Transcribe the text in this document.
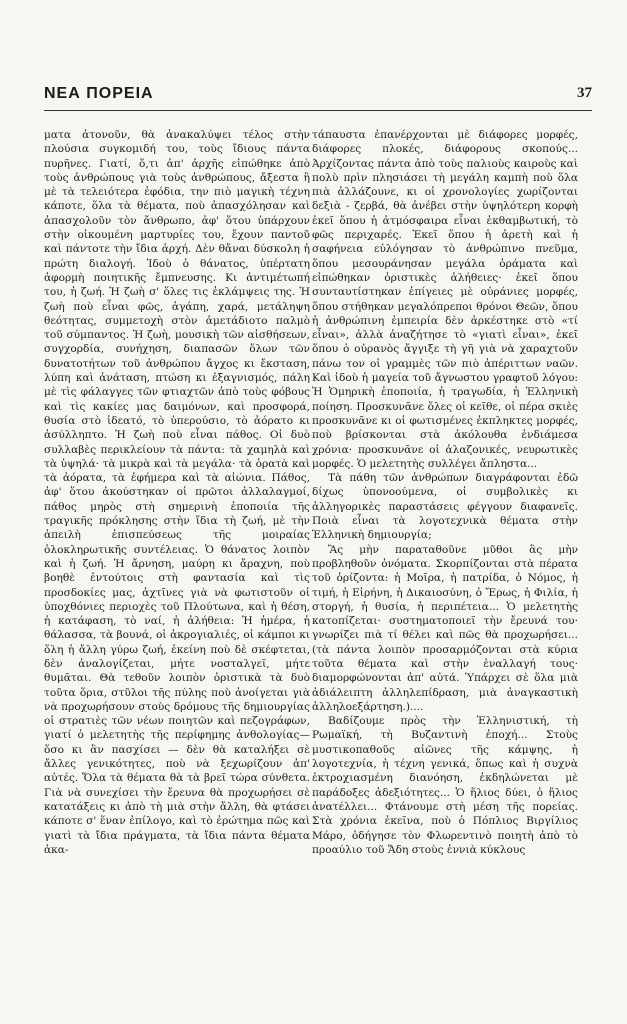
ΝΕΑ ΠΟΡΕΙΑ	37

ματα ἀτονοῦν, θὰ ἀνακαλύψει τέλος στὴν πλούσια συγκομιδή του, τοὺς ἴδιους πάντα πυρῆνες. Γιατί, ὅ,τι ἀπ' ἀρχῆς εἰπώθηκε ἀπὸ τοὺς ἀνθρώπους γιὰ τοὺς ἀνθρώπους, ἄξεστα ἢ μὲ τὰ τελειότερα ἐφόδια, την πιὸ μαγικὴ τέχνη κάποτε, ὅλα τὰ θέματα, ποὺ ἀπασχόλησαν καὶ ἀπασχολοῦν τὸν ἄνθρωπο, ἀφ' ὅτου ὑπάρχουν στὴν οἰκουμένη μαρτυρίες του, ἔχουν παντοῦ καὶ πάντοτε τὴν ἴδια ἀρχή. Δὲν θἄναι δύσκολη ἡ πρώτη διαλογή. Ἰδοὺ ὁ θάνατος, ὑπέρτατη ἀφορμὴ ποιητικῆς ἔμπνευσης. Κι ἀντιμέτωπή του, ἡ ζωή. Ἡ ζωὴ σ' ὅλες τις ἐκλάμψεις της. Ἡ ζωὴ ποὺ εἶναι φῶς, ἀγάπη, χαρά, μετάληψη θεότητας, συμμετοχὴ στὸν ἀμετάδιοτο παλμὸ τοῦ σύμπαντος. Ἡ ζωὴ, μουσικὴ τῶν αἰσθήσεων, συγχορδία, συνήχηση, διαπασῶν ὅλων τῶν δυνατοτήτων τοῦ ἀνθρώπου ἄγχος κι ἔκσταση, λύπη καὶ ἀνάταση, πτώση κι ἐξαγνισμός, πάλη μὲ τὶς φάλαγγες τῶν φτιαχτῶν ἀπὸ τοὺς φόβους καὶ τὶς κακίες μας δαιμόνων, καὶ προσφορά, θυσία στὸ ἰδεατό, τὸ ὑπερούσιο, τὸ ἀόρατο κι ἀσύλληπτο. Ἡ ζωὴ ποὺ εἶναι πάθος. Οἱ δυὸ συλλαβὲς περικλείουν τὰ πάντα: τὰ χαμηλὰ καὶ τὰ ὑψηλά· τὰ μικρὰ καὶ τὰ μεγάλα· τὰ ὁρατὰ καὶ τὰ ἀόρατα, τὰ ἐφήμερα καὶ τὰ αἰώνια. Πάθος, ἀφ' ὅτου ἀκούστηκαν οἱ πρῶτοι ἀλλαλαγμοί, πάθος μηρὸς στὴ σημερινὴ ἐποποιία τῆς τραγικῆς πρόκλησης στὴν ἴδια τὴ ζωή, μὲ τὴν ἀπειλὴ ἐπισπεύσεως τῆς μοιραίας ὁλοκληρωτικῆς συντέλειας. Ὁ θάνατος λοιπὸν καὶ ἡ ζωή. Ἡ ἄρνηση, μαύρη κι ἄραχνη, ποὺ βοηθὲ ἐντούτοις στὴ φαντασία καὶ τὶς προσδοκίες μας, ἀχτῖνες γιὰ νὰ φωτιστοῦν οἱ ὑποχθόνιες περιοχὲς τοῦ Πλούτωνα, καὶ ἡ θέση, ἡ κατάφαση, τὸ ναί, ἡ ἀλήθεια: Ἡ ἡμέρα, ἡ θάλασσα, τὰ βουνά, οἱ ἀκρογιαλιές, οἱ κάμποι κι ὅλη ἡ ἄλλη γύρω ζωή, ἐκείνη ποὺ δὲ σκέφτεται, δὲν ἀναλογίζεται, μήτε νοσταλγεῖ, μήτε θυμᾶται. Θὰ τεθοῦν λοιπὸν ὁριστικὰ τὰ δυὸ τοῦτα ὅρια, στῦλοι τῆς πύλης ποὺ ἀνοίγεται γιὰ νὰ προχωρήσουν στοὺς δρόμους τῆς δημιουργίας οἱ στρατιὲς τῶν νέων ποιητῶν καὶ πεζογράφων, γιατί ὁ μελετητὴς τῆς περίφημης ἀνθολογίας—ὅσο κι ἂν πασχίσει — δὲν θὰ καταλήξει σὲ ἄλλες γενικότητες, ποὺ νὰ ξεχωρίζουν ἀπ' αὐτές. Ὅλα τὰ θέματα θὰ τὰ βρεῖ τώρα σύνθετα. Γιὰ νὰ συνεχίσει τὴν ἔρευνα θὰ προχωρήσει σὲ κατατάξεις κι ἀπὸ τὴ μιὰ στὴν ἄλλη, θὰ φτάσει κάποτε σ' ἕναν ἐπίλογο, καὶ τὸ ἐρώτημα πῶς καὶ γιατὶ τὰ ἴδια πράγματα, τὰ ἴδια πάντα θέματα ἀκα-

τάπαυστα ἐπανέρχονται μὲ διάφορες μορφές, διάφορες πλοκές, διάφορους σκοπούς... Ἀρχίζοντας πάντα ἀπὸ τοὺς παλιοὺς καιροὺς καὶ πολὺ πρὶν πλησιάσει τὴ μεγάλη καμπὴ ποὺ ὅλα πιὰ ἀλλάζουνε, κι οἱ χρονολογίες χωρίζονται δεξιὰ - ζερβά, θὰ ἀνέβει στὴν ὑψηλότερη κορφὴ ἐκεῖ ὅπου ἡ ἀτμόσφαιρα εἶναι ἐκθαμβωτική, τὸ φῶς περιχαρές. Ἐκεῖ ὅπου ἡ ἀρετὴ καὶ ἡ σαφήνεια εὐλόγησαν τὸ ἀνθρώπινο πνεῦμα, ὅπου μεσουράνησαν μεγάλα ὁράματα καὶ εἰπώθηκαν ὁριστικὲς ἀλήθειες· ἐκεῖ ὅπου συνταυτίστηκαν ἐπίγειες μὲ οὐράνιες μορφές, ὅπου στήθηκαν μεγαλόπρεποι θρόνοι Θεῶν, ὅπου ἡ ἀνθρώπινη ἐμπειρία δὲν ἀρκέστηκε στὸ «τί εἶναι», ἀλλὰ ἀναζήτησε τὸ «γιατὶ εἶναι», ἐκεῖ ὅπου ὁ οὐρανὸς ἄγγιξε τὴ γῆ γιὰ νὰ χαραχτοῦν πάνω τον οἱ γραμμὲς τῶν πιὸ ἀπέριττων ναῶν. Καὶ ἰδοὺ ἡ μαγεία τοῦ ἄγνωστου γραφτοῦ λόγου: Ἡ Ὁμηρικὴ ἐποποιία, ἡ τραγωδία, ἡ Ἑλληνικὴ ποίηση. Προσκυνᾶνε ὅλες οἱ κεῖθε, οἱ πέρα σκιὲς προσκυνᾶνε κι οἱ φωτισμένες ἐκπληκτες μορφές, ποὺ βρίσκονται στὰ ἀκόλουθα ἐνδιάμεσα χρόνια· προσκυνᾶνε οἱ ἀλαζονικές, νευρωτικὲς μορφές. Ὁ μελετητὴς συλλέγει ἄπληστα...

Τὰ πάθη τῶν ἀνθρώπων διαγράφονται ἐδῶ δίχως ὑπονοούμενα, οἱ συμβολικὲς κι ἀλληγορικὲς παραστάσεις φέγγουν διαφανεῖς. Ποιὰ εἶναι τὰ λογοτεχνικὰ θέματα στὴν Ἑλληνικὴ δημιουργία;

Ἂς μὴν παραταθοῦνε μῦθοι ἃς μὴν προβληθοῦν ὀνόματα. Σκορπίζονται στὰ πέρατα τοῦ ὁρίζοντα: ἡ Μοῖρα, ἡ πατρίδα, ὁ Νόμος, ἡ τιμή, ἡ Εἰρήνη, ἡ Δικαιοσύνη, ὁ Ἔρως, ἡ Φιλία, ἡ στοργή, ἡ θυσία, ἡ περιπέτεια... Ὁ μελετητὴς κατοπίζεται· συστηματοποιεῖ τὴν ἔρευνά του· γνωρίζει πιὰ τί θέλει καὶ πῶς θὰ προχωρήσει... (τὰ πάντα λοιπὸν προσαρμόζονται στὰ κύρια τοῦτα θέματα καὶ στὴν ἐναλλαγή τους· διαμορφώνονται ἀπ' αὐτά. Ὑπάρχει σὲ ὅλα μιὰ ἀδιάλειπτη ἀλληλεπίδραση, μιὰ ἀναγκαστικὴ ἀλληλοεξάρτηση.)....

Βαδίζουμε πρὸς τὴν Ἑλληνιστική, τὴ Ρωμαϊκή, τὴ Βυζαντινὴ ἐποχή... Στοὺς μυστικοπαθοῦς αἰῶνες τῆς κάμψης, ἡ λογοτεχνία, ἡ τέχνη γενικά, ὅπως καὶ ἡ συχνὰ ἐκτροχιασμένη διανόηση, ἐκδηλώνεται μὲ παράδοξες ἀδεξιότητες... Ὁ ἥλιος δύει, ὁ ἥλιος ἀνατέλλει... Φτάνουμε στὴ μέση τῆς πορείας. Στὰ χρόνια ἐκεῖνα, ποὺ ὁ Πόπλιος Βιργίλιος Μάρο, ὁδήγησε τὸν Φλωρεντινὸ ποιητὴ ἀπὸ τὸ προαύλιο τοῦ Ἄδη στοὺς ἐννιὰ κύκλους
